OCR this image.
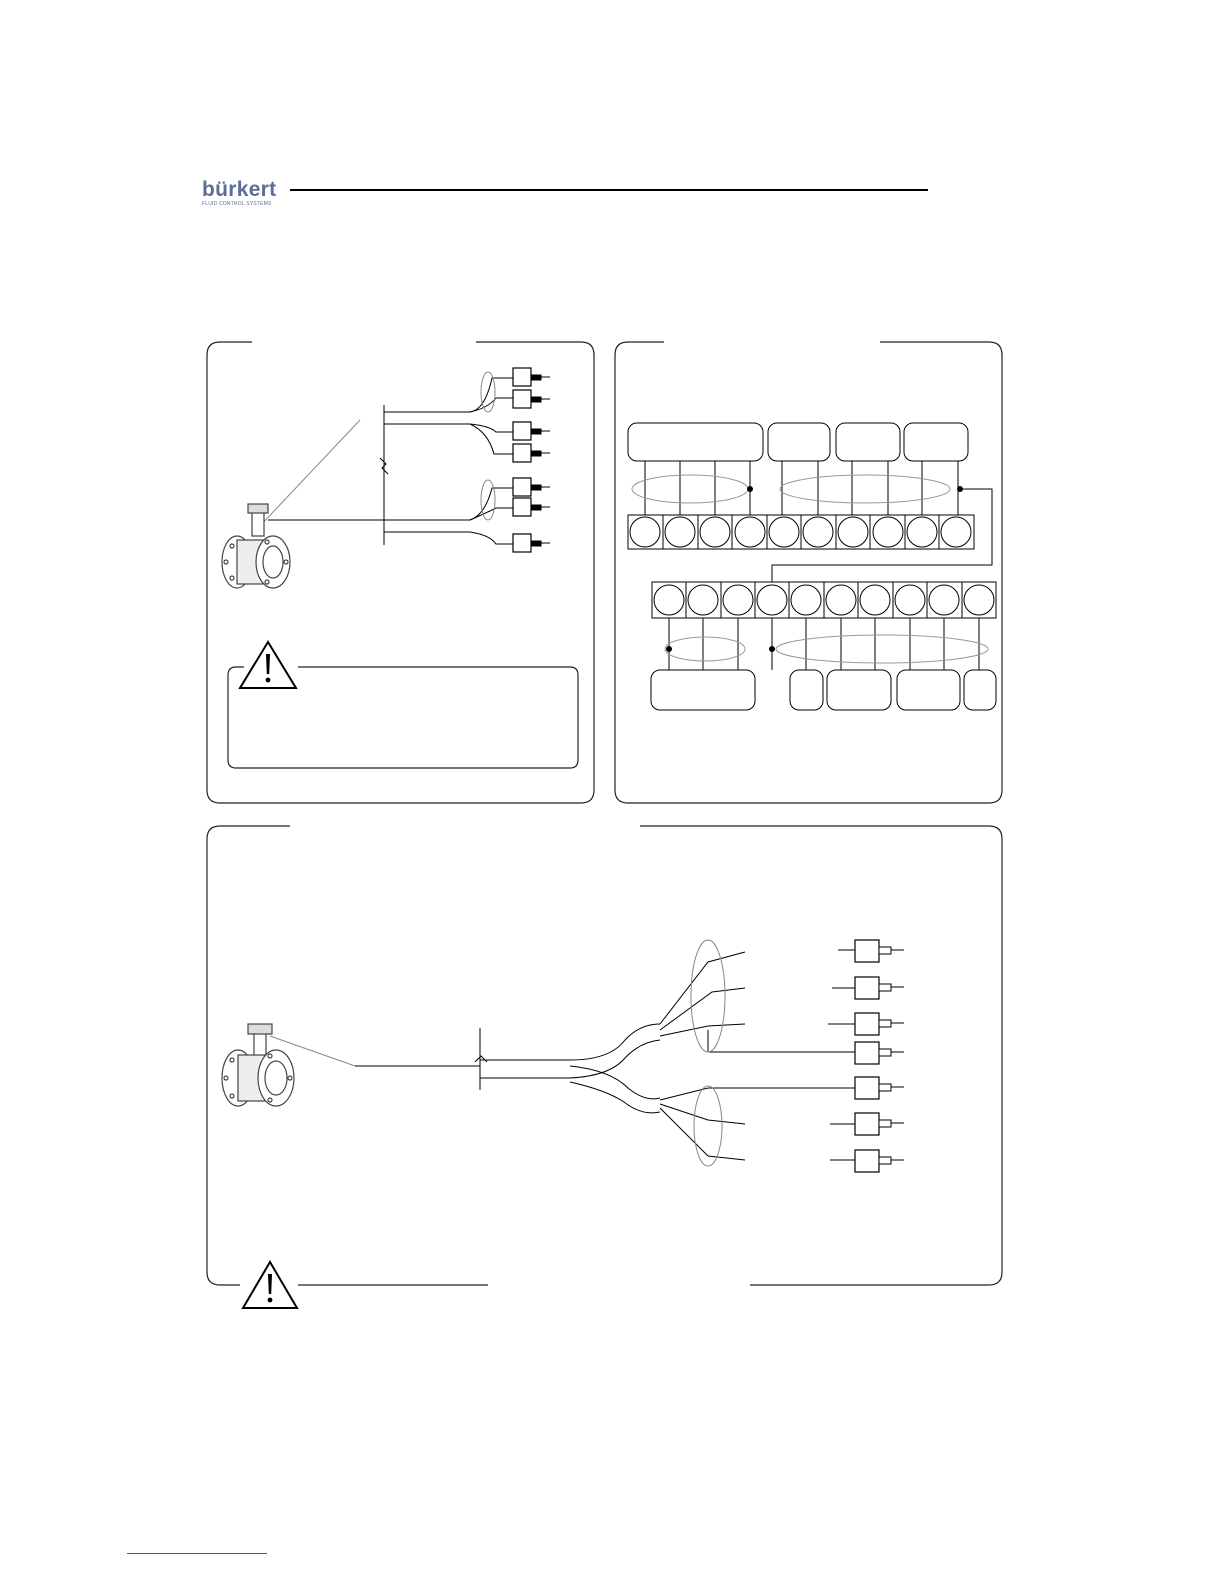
bürkert
FLUID CONTROL SYSTEMS
